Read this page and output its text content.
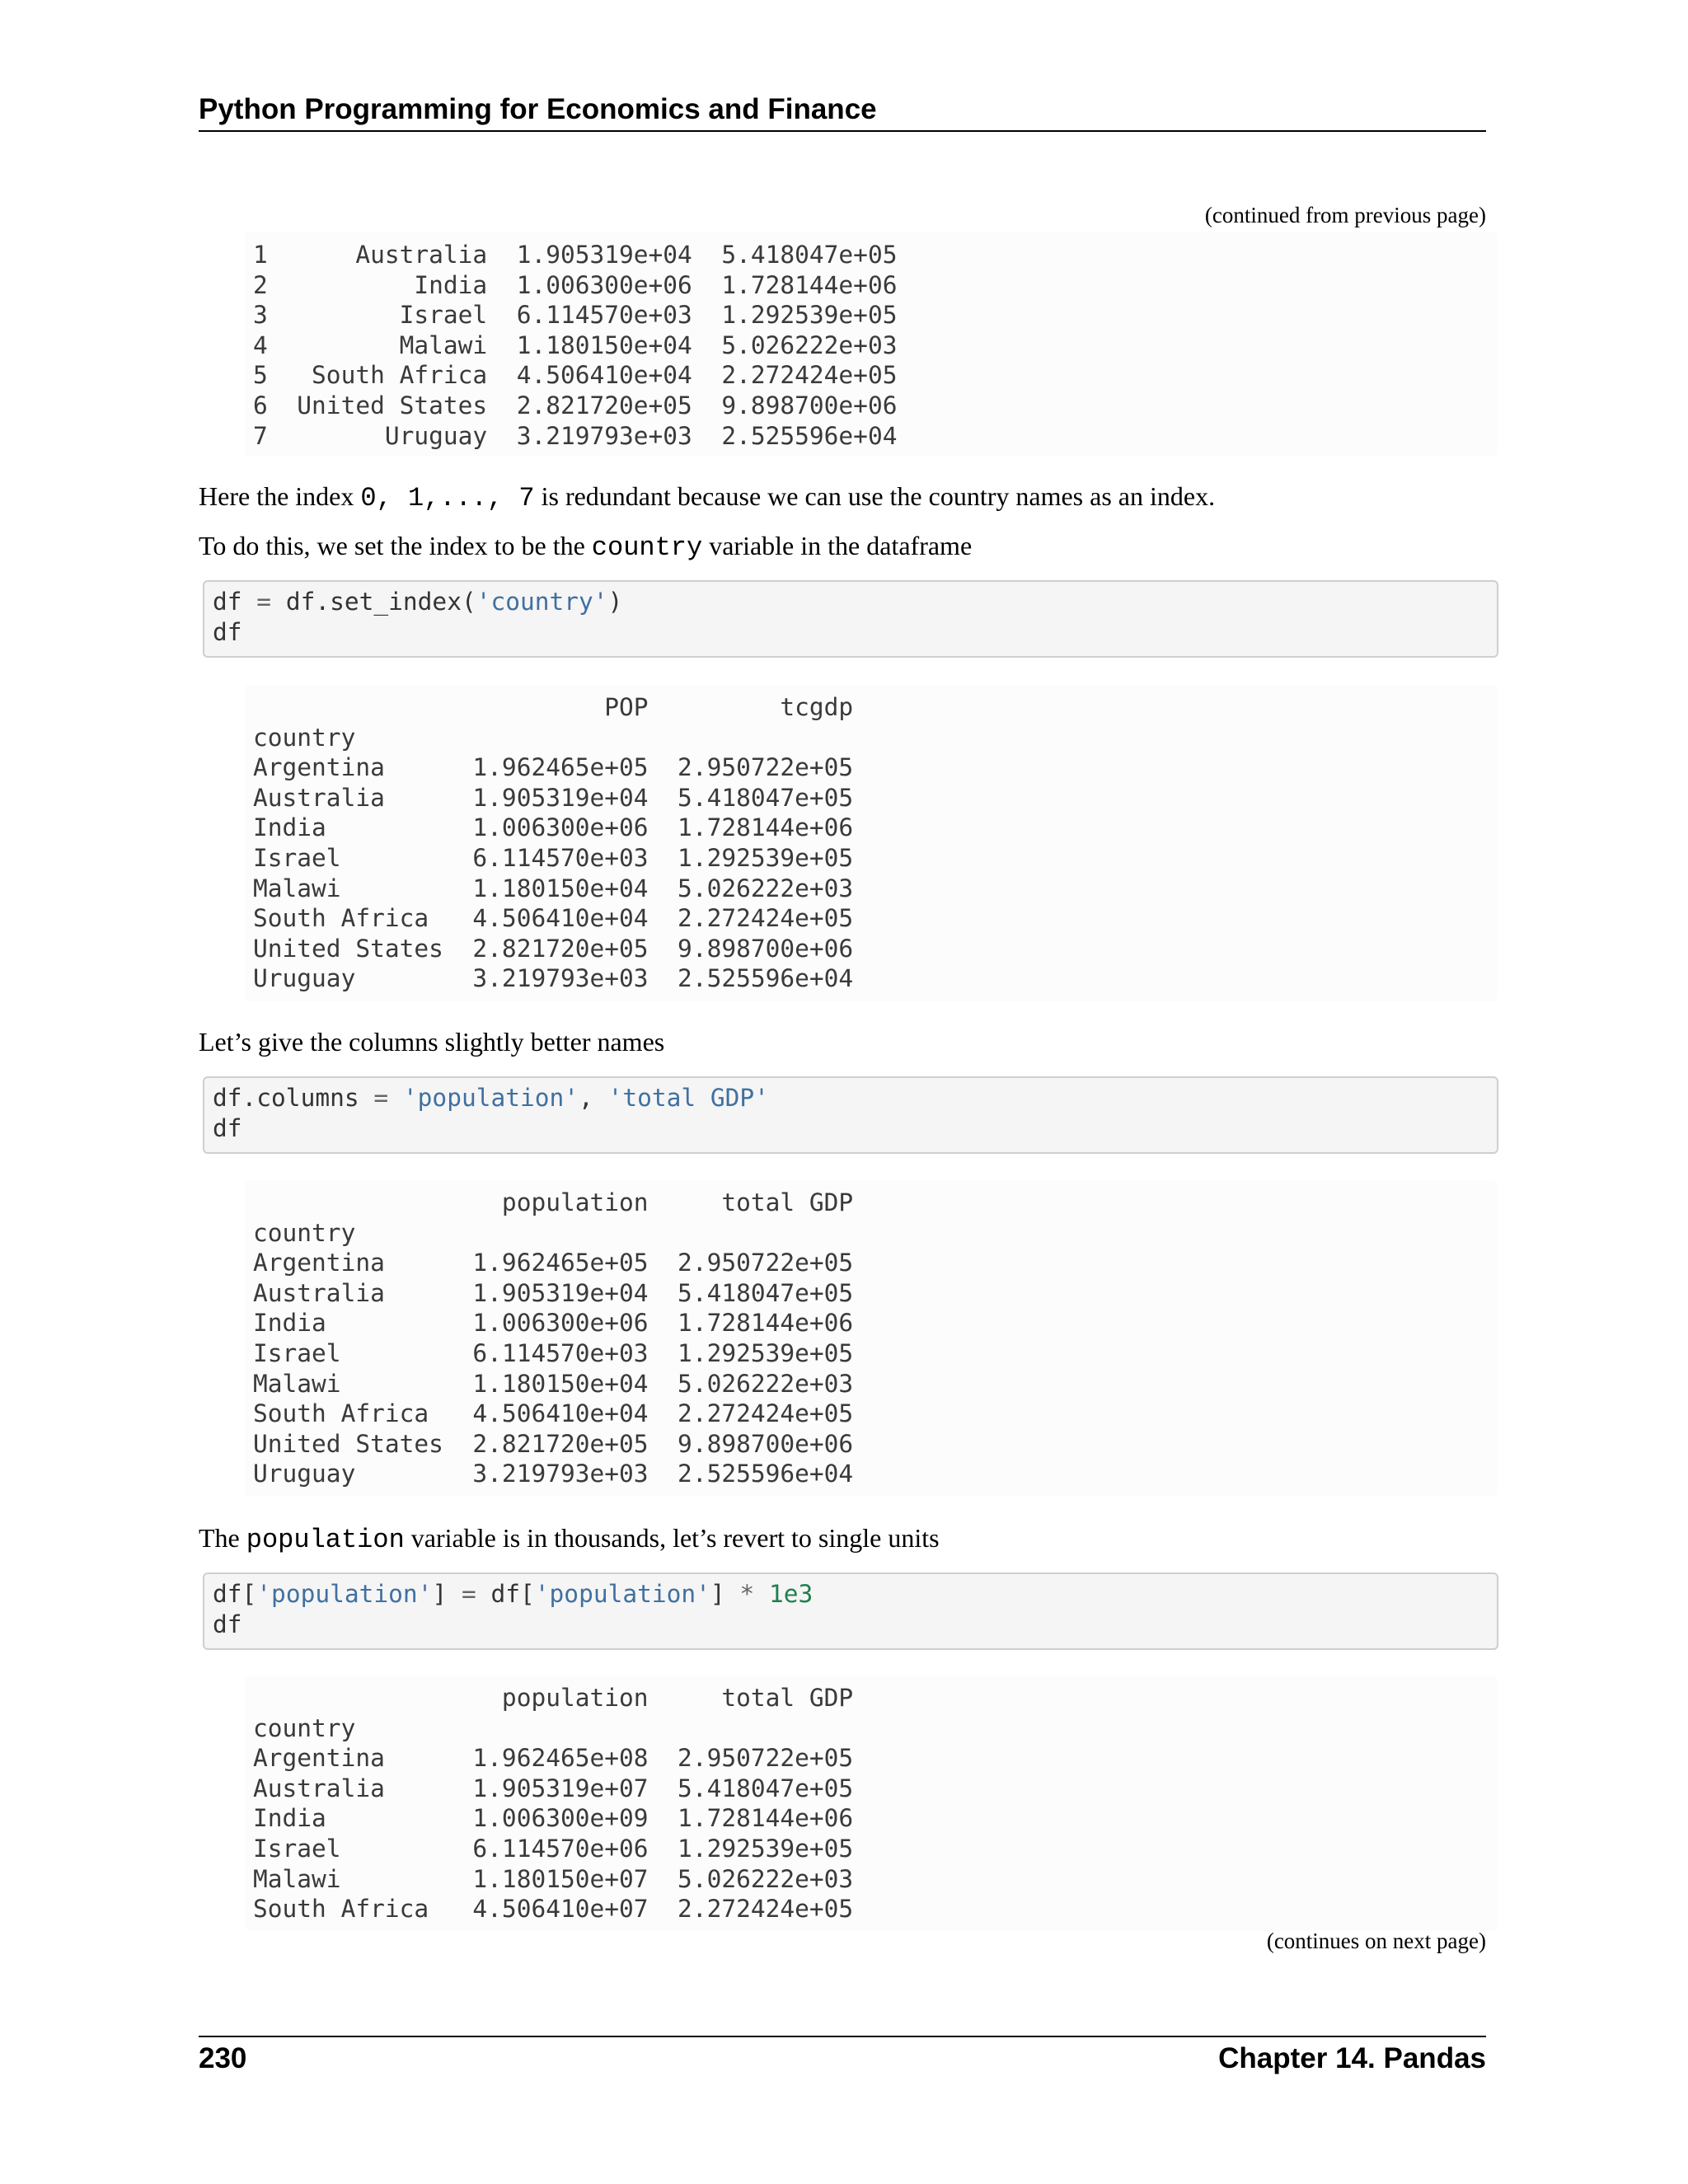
Python Programming for Economics and Finance
(continued from previous page)
1      Australia  1.905319e+04  5.418047e+05
2          India  1.006300e+06  1.728144e+06
3         Israel  6.114570e+03  1.292539e+05
4         Malawi  1.180150e+04  5.026222e+03
5   South Africa  4.506410e+04  2.272424e+05
6  United States  2.821720e+05  9.898700e+06
7        Uruguay  3.219793e+03  2.525596e+04
Here the index 0, 1,..., 7 is redundant because we can use the country names as an index.
To do this, we set the index to be the country variable in the dataframe
df = df.set_index('country')
df
POP         tcgdp
country
Argentina      1.962465e+05  2.950722e+05
Australia      1.905319e+04  5.418047e+05
India          1.006300e+06  1.728144e+06
Israel         6.114570e+03  1.292539e+05
Malawi         1.180150e+04  5.026222e+03
South Africa   4.506410e+04  2.272424e+05
United States  2.821720e+05  9.898700e+06
Uruguay        3.219793e+03  2.525596e+04
Let’s give the columns slightly better names
df.columns = 'population', 'total GDP'
df
population     total GDP
country
Argentina      1.962465e+05  2.950722e+05
Australia      1.905319e+04  5.418047e+05
India          1.006300e+06  1.728144e+06
Israel         6.114570e+03  1.292539e+05
Malawi         1.180150e+04  5.026222e+03
South Africa   4.506410e+04  2.272424e+05
United States  2.821720e+05  9.898700e+06
Uruguay        3.219793e+03  2.525596e+04
The population variable is in thousands, let’s revert to single units
df['population'] = df['population'] * 1e3
df
population     total GDP
country
Argentina      1.962465e+08  2.950722e+05
Australia      1.905319e+07  5.418047e+05
India          1.006300e+09  1.728144e+06
Israel         6.114570e+06  1.292539e+05
Malawi         1.180150e+07  5.026222e+03
South Africa   4.506410e+07  2.272424e+05
(continues on next page)
230	Chapter 14. Pandas
